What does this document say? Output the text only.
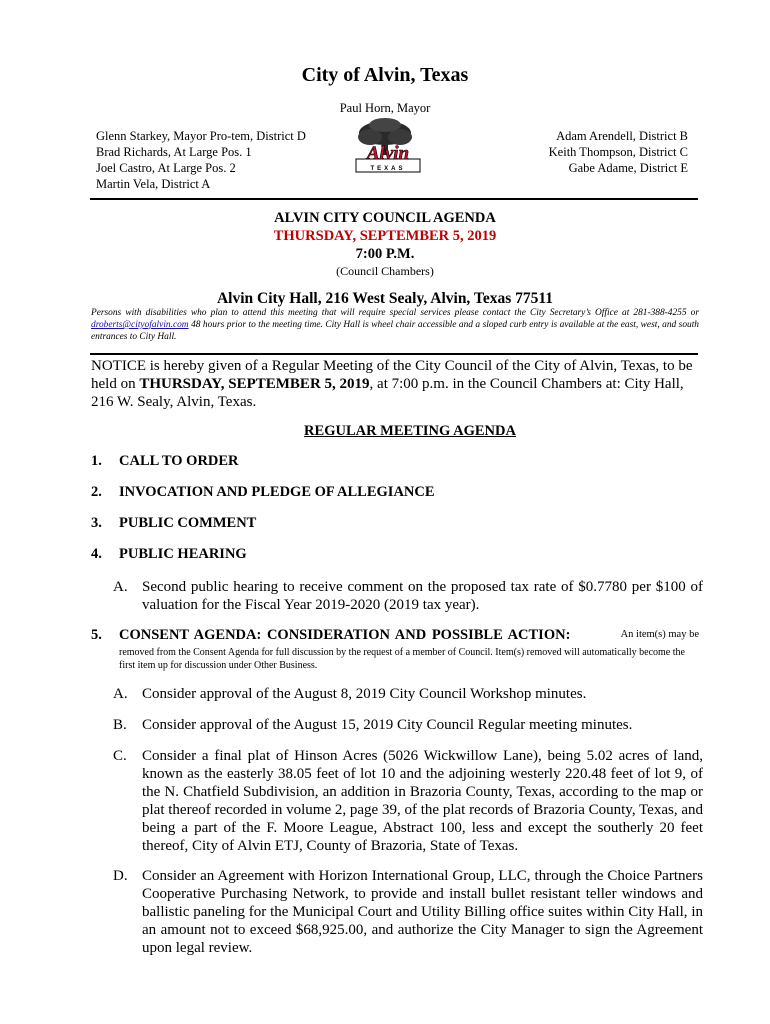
City of Alvin, Texas
Paul Horn, Mayor
Glenn Starkey, Mayor Pro-tem, District D
Brad Richards, At Large Pos. 1
Joel Castro, At Large Pos. 2
Martin Vela, District A
Alvin
TEXAS
Adam Arendell, District B
Keith Thompson, District C
Gabe Adame, District E
ALVIN CITY COUNCIL AGENDA
THURSDAY, SEPTEMBER 5, 2019
7:00 P.M.
(Council Chambers)
Alvin City Hall, 216 West Sealy, Alvin, Texas 77511
Persons with disabilities who plan to attend this meeting that will require special services please contact the City Secretary’s Office at 281-388-4255 or droberts@cityofalvin.com 48 hours prior to the meeting time. City Hall is wheel chair accessible and a sloped curb entry is available at the east, west, and south entrances to City Hall.
NOTICE is hereby given of a Regular Meeting of the City Council of the City of Alvin, Texas, to be held on THURSDAY, SEPTEMBER 5, 2019, at 7:00 p.m. in the Council Chambers at: City Hall, 216 W. Sealy, Alvin, Texas.
REGULAR MEETING AGENDA
1. CALL TO ORDER
2. INVOCATION AND PLEDGE OF ALLEGIANCE
3. PUBLIC COMMENT
4. PUBLIC HEARING
A. Second public hearing to receive comment on the proposed tax rate of $0.7780 per $100 of valuation for the Fiscal Year 2019-2020 (2019 tax year).
5. CONSENT AGENDA: CONSIDERATION AND POSSIBLE ACTION:	An item(s) may be
removed from the Consent Agenda for full discussion by the request of a member of Council. Item(s) removed will automatically become the first item up for discussion under Other Business.
A. Consider approval of the August 8, 2019 City Council Workshop minutes.
B. Consider approval of the August 15, 2019 City Council Regular meeting minutes.
C. Consider a final plat of Hinson Acres (5026 Wickwillow Lane), being 5.02 acres of land, known as the easterly 38.05 feet of lot 10 and the adjoining westerly 220.48 feet of lot 9, of the N. Chatfield Subdivision, an addition in Brazoria County, Texas, according to the map or plat thereof recorded in volume 2, page 39, of the plat records of Brazoria County, Texas, and being a part of the F. Moore League, Abstract 100, less and except the southerly 20 feet thereof, City of Alvin ETJ, County of Brazoria, State of Texas.
D. Consider an Agreement with Horizon International Group, LLC, through the Choice Partners Cooperative Purchasing Network, to provide and install bullet resistant teller windows and ballistic paneling for the Municipal Court and Utility Billing office suites within City Hall, in an amount not to exceed $68,925.00, and authorize the City Manager to sign the Agreement upon legal review.
